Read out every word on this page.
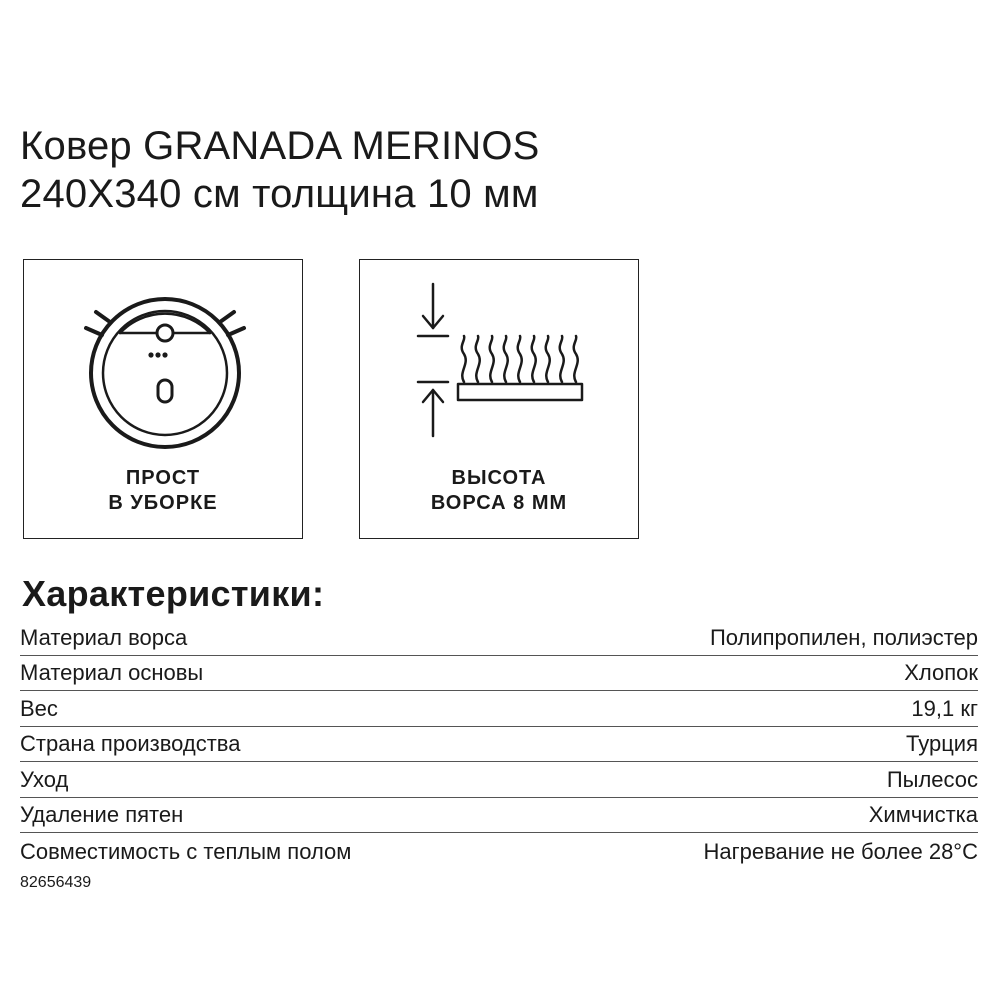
Ковер GRANADA MERINOS
240X340 см толщина 10 мм
ПРОСТ
В УБОРКЕ
ВЫСОТА
ВОРСА 8 ММ
Характеристики:
Материал ворса	Полипропилен, полиэстер
Материал основы	Хлопок
Вес	19,1 кг
Страна производства	Турция
Уход	Пылесос
Удаление пятен	Химчистка
Совместимость с теплым полом	Нагревание не более 28°C
82656439
